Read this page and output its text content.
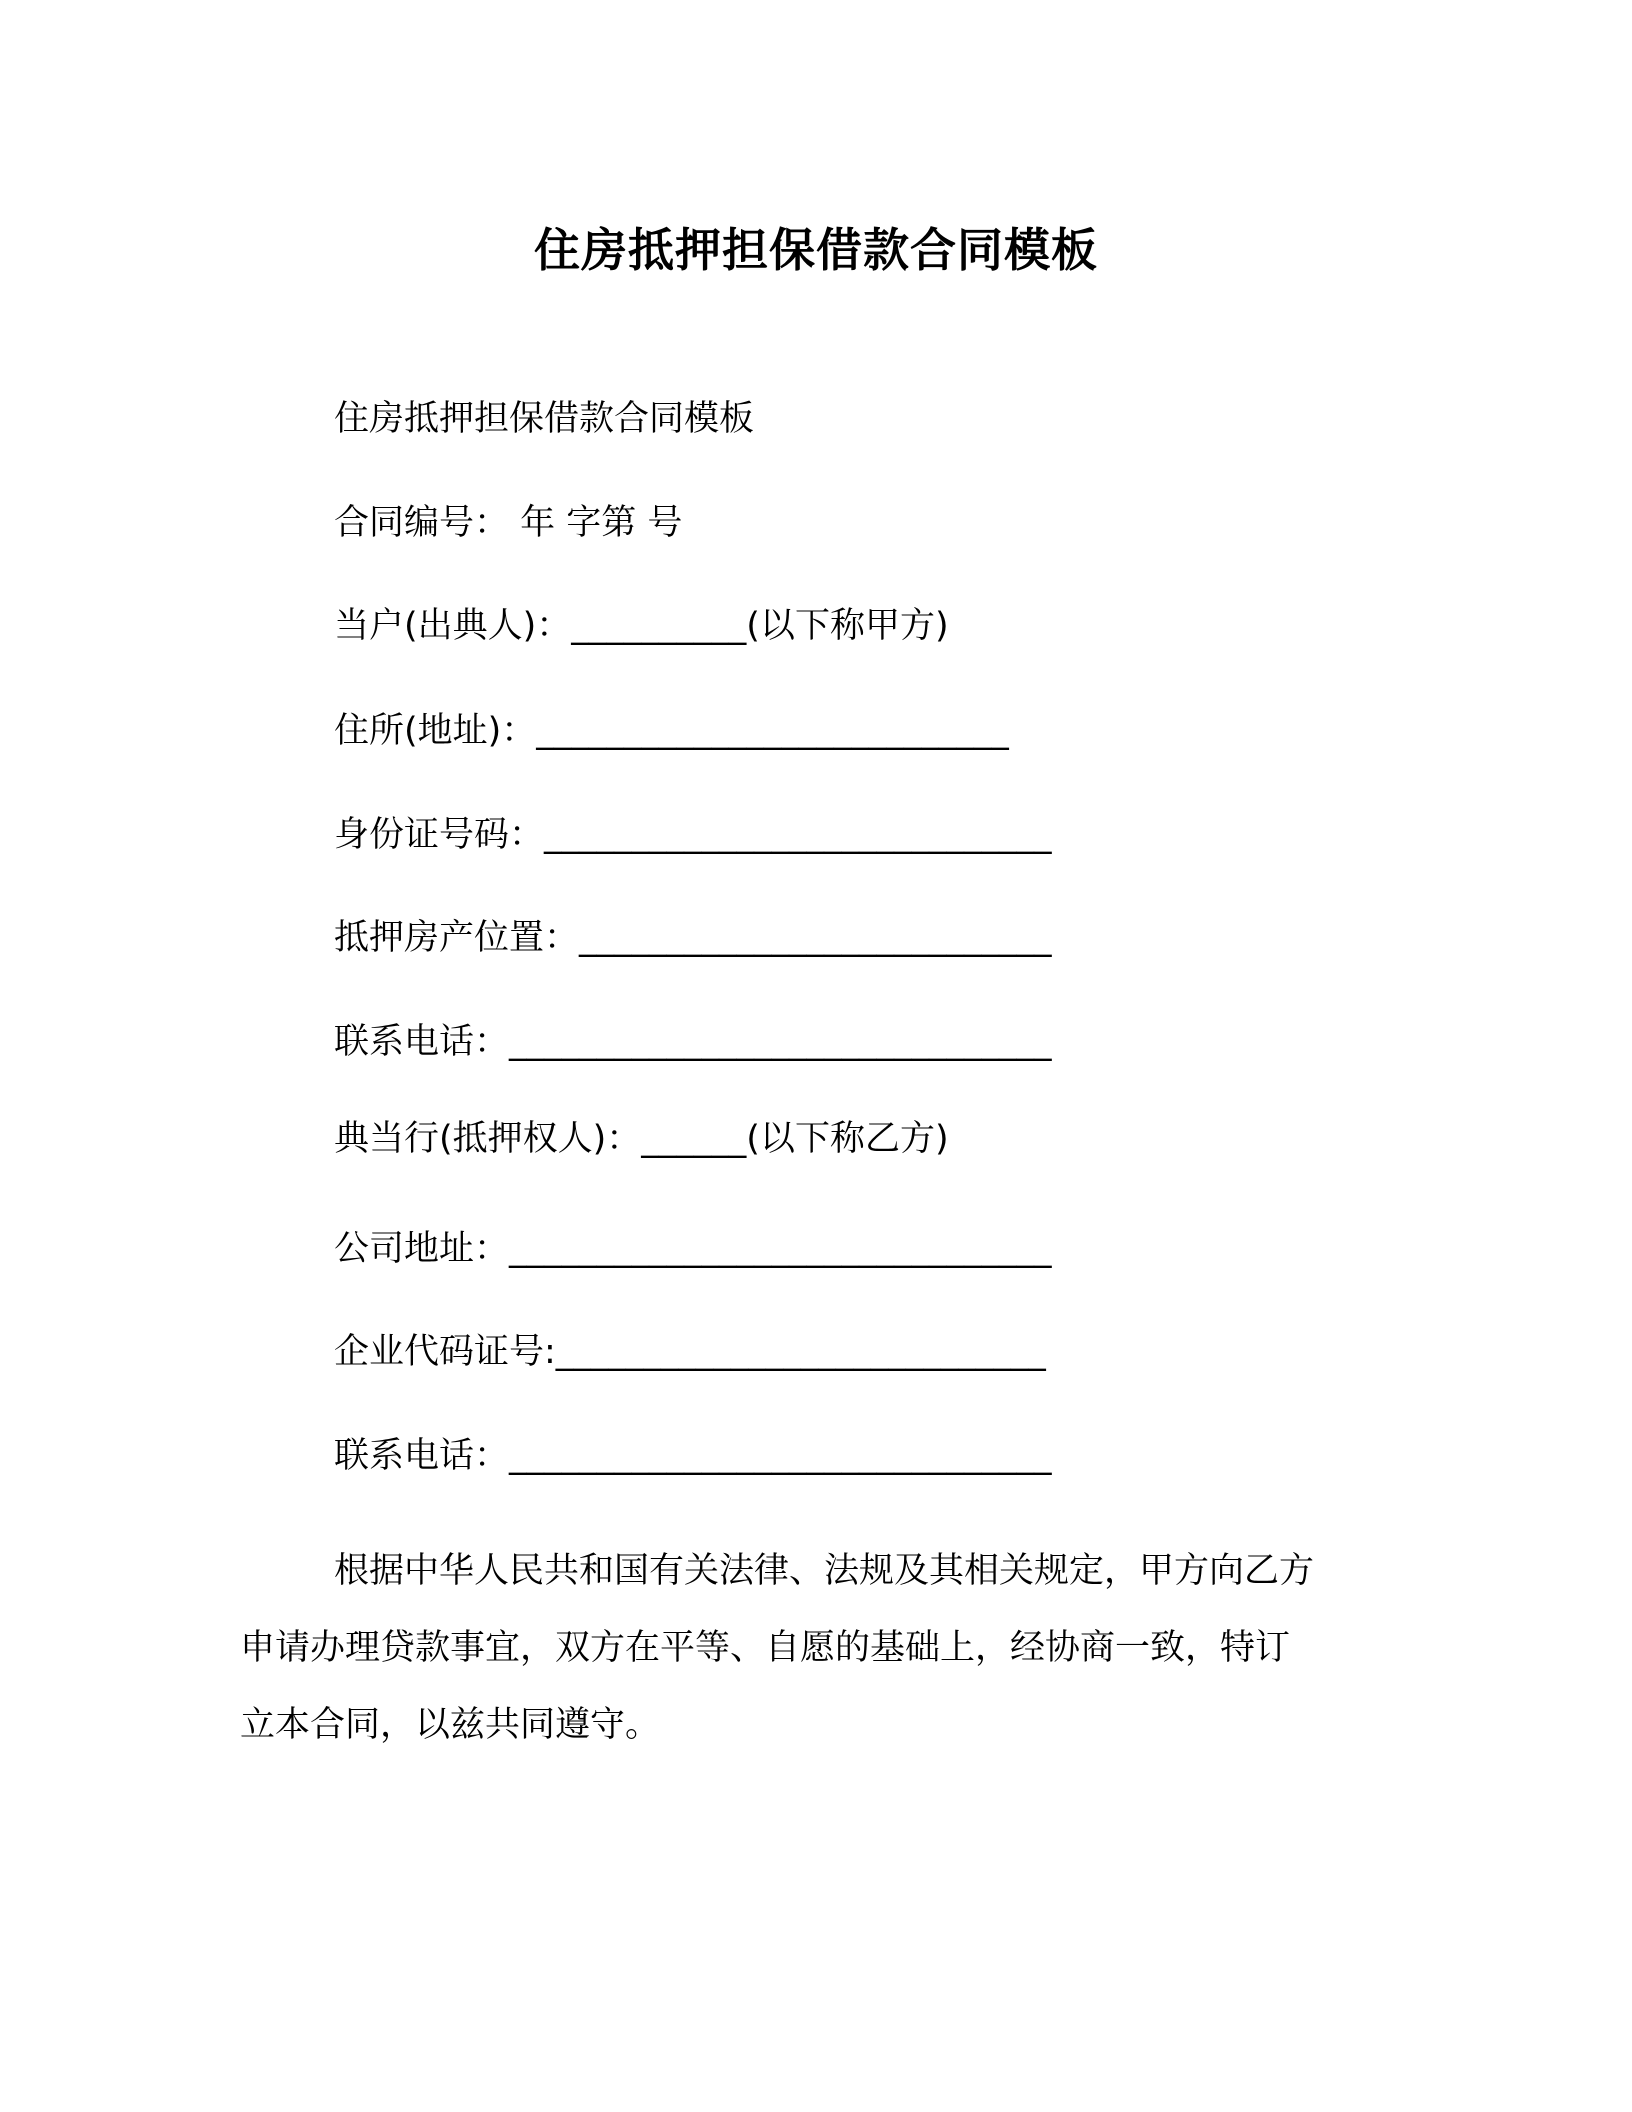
住房抵押担保借款合同模板
住房抵押担保借款合同模板
合同编号： 年 字第 号
当户(出典人)：__________(以下称甲方)
住所(地址)：___________________________
身份证号码：_____________________________
抵押房产位置：___________________________
联系电话：_______________________________
典当行(抵押权人)：______(以下称乙方)
公司地址：_______________________________
企业代码证号:____________________________
联系电话：_______________________________
根据中华人民共和国有关法律、法规及其相关规定，甲方向乙方
申请办理贷款事宜，双方在平等、自愿的基础上，经协商一致，特订
立本合同，以兹共同遵守。
